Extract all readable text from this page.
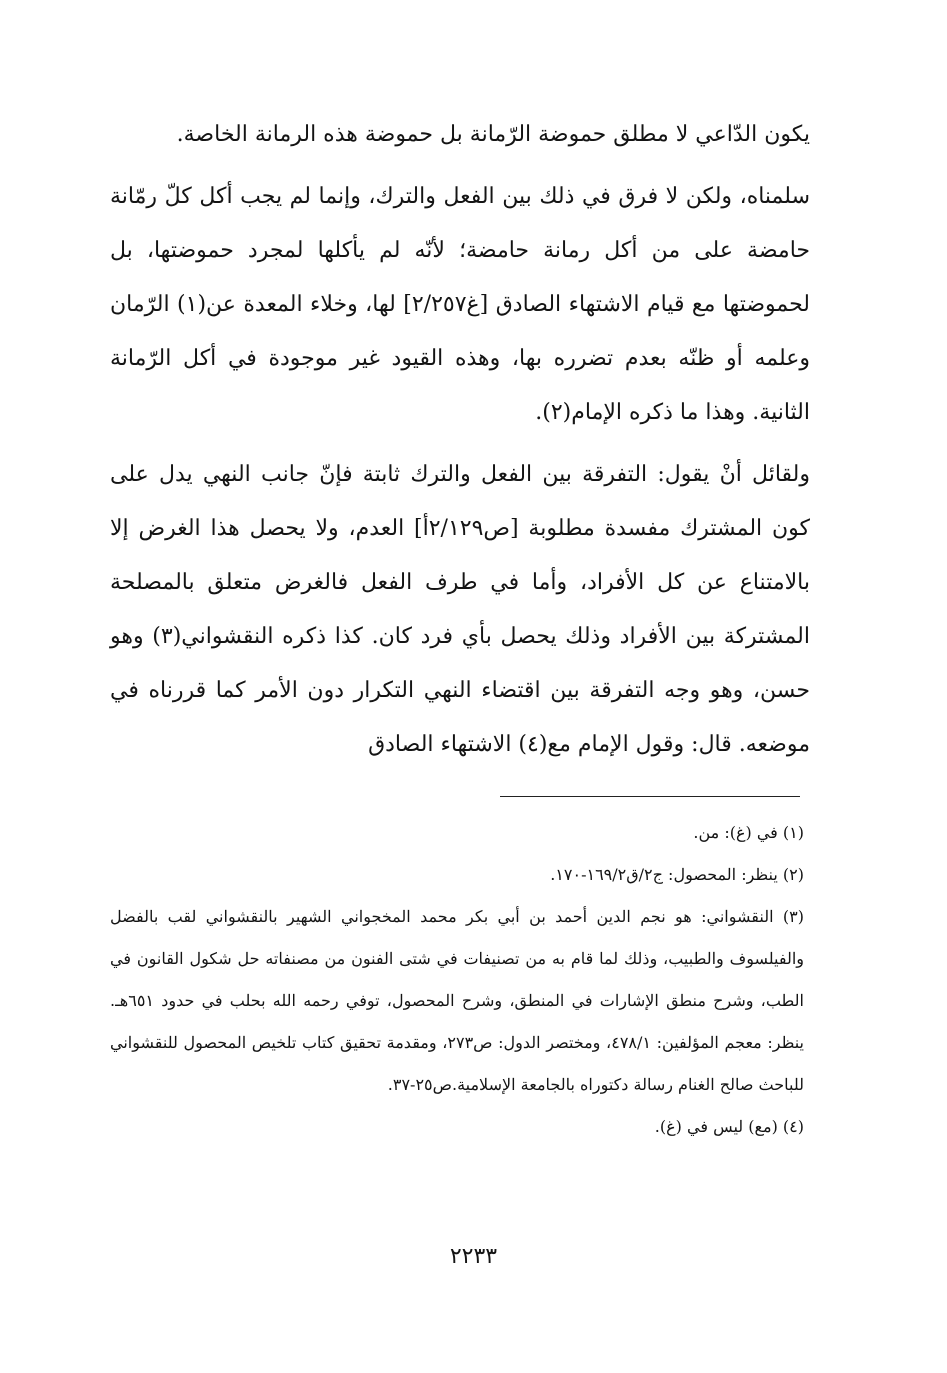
يكون الدّاعي لا مطلق حموضة الرّمانة بل حموضة هذه الرمانة الخاصة.

سلمناه، ولكن لا فرق في ذلك بين الفعل والترك، وإنما لم يجب أكل كلّ رمّانة حامضة على من أكل رمانة حامضة؛ لأنّه لم يأكلها لمجرد حموضتها، بل لحموضتها مع قيام الاشتهاء الصادق [غ٢/٢٥٧] لها، وخلاء المعدة عن(١) الرّمان وعلمه أو ظنّه بعدم تضرره بها، وهذه القيود غير موجودة في أكل الرّمانة الثانية. وهذا ما ذكره الإمام(٢).

ولقائل أنْ يقول: التفرقة بين الفعل والترك ثابتة فإنّ جانب النهي يدل على كون المشترك مفسدة مطلوبة [ص٢/١٢٩أ] العدم، ولا يحصل هذا الغرض إلا بالامتناع عن كل الأفراد، وأما في طرف الفعل فالغرض متعلق بالمصلحة المشتركة بين الأفراد وذلك يحصل بأي فرد كان. كذا ذكره النقشواني(٣) وهو حسن، وهو وجه التفرقة بين اقتضاء النهي التكرار دون الأمر كما قررناه في موضعه. قال: وقول الإمام مع(٤) الاشتهاء الصادق

(١) في (غ): من.

(٢) ينظر: المحصول: ج٢/ق١٦٩/٢-١٧٠.

(٣) النقشواني: هو نجم الدين أحمد بن أبي بكر محمد المخجواني الشهير بالنقشواني لقب بالفضل والفيلسوف والطبيب، وذلك لما قام به من تصنيفات في شتى الفنون من مصنفاته حل شكول القانون في الطب، وشرح منطق الإشارات في المنطق، وشرح المحصول، توفي رحمه الله بحلب في حدود ٦٥١هـ. ينظر: معجم المؤلفين: ٤٧٨/١، ومختصر الدول: ص٢٧٣، ومقدمة تحقيق كتاب تلخيص المحصول للنقشواني للباحث صالح الغنام رسالة دكتوراه بالجامعة الإسلامية.ص٢٥-٣٧.

(٤) (مع) ليس في (غ).

٢٢٣٣
